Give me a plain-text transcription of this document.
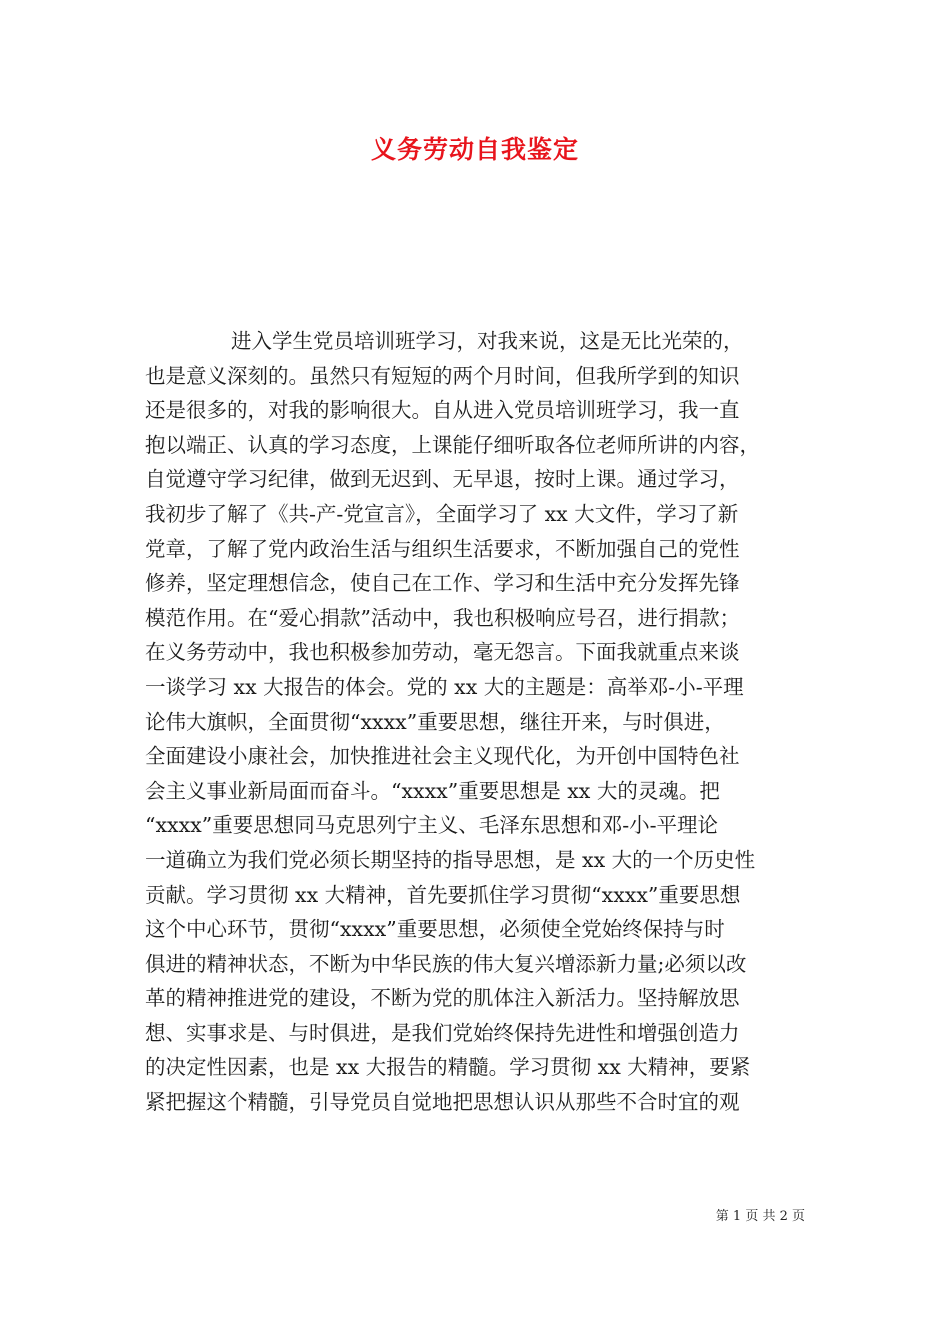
义务劳动自我鉴定
进入学生党员培训班学习，对我来说，这是无比光荣的，
也是意义深刻的。虽然只有短短的两个月时间，但我所学到的知识
还是很多的，对我的影响很大。自从进入党员培训班学习，我一直
抱以端正、认真的学习态度，上课能仔细听取各位老师所讲的内容，
自觉遵守学习纪律，做到无迟到、无早退，按时上课。通过学习，
我初步了解了《共-产-党宣言》，全面学习了 xx 大文件，学习了新
党章，了解了党内政治生活与组织生活要求，不断加强自己的党性
修养，坚定理想信念，使自己在工作、学习和生活中充分发挥先锋
模范作用。在“爱心捐款”活动中，我也积极响应号召，进行捐款；
在义务劳动中，我也积极参加劳动，毫无怨言。下面我就重点来谈
一谈学习 xx 大报告的体会。党的 xx 大的主题是：高举邓-小-平理
论伟大旗帜，全面贯彻“xxxx”重要思想，继往开来，与时俱进，
全面建设小康社会，加快推进社会主义现代化，为开创中国特色社
会主义事业新局面而奋斗。“xxxx”重要思想是 xx 大的灵魂。把
“xxxx”重要思想同马克思列宁主义、毛泽东思想和邓-小-平理论
一道确立为我们党必须长期坚持的指导思想，是 xx 大的一个历史性
贡献。学习贯彻 xx 大精神，首先要抓住学习贯彻“xxxx”重要思想
这个中心环节，贯彻“xxxx”重要思想，必须使全党始终保持与时
俱进的精神状态，不断为中华民族的伟大复兴增添新力量;必须以改
革的精神推进党的建设，不断为党的肌体注入新活力。坚持解放思
想、实事求是、与时俱进，是我们党始终保持先进性和增强创造力
的决定性因素，也是 xx 大报告的精髓。学习贯彻 xx 大精神，要紧
紧把握这个精髓，引导党员自觉地把思想认识从那些不合时宜的观
第 1 页 共 2 页
